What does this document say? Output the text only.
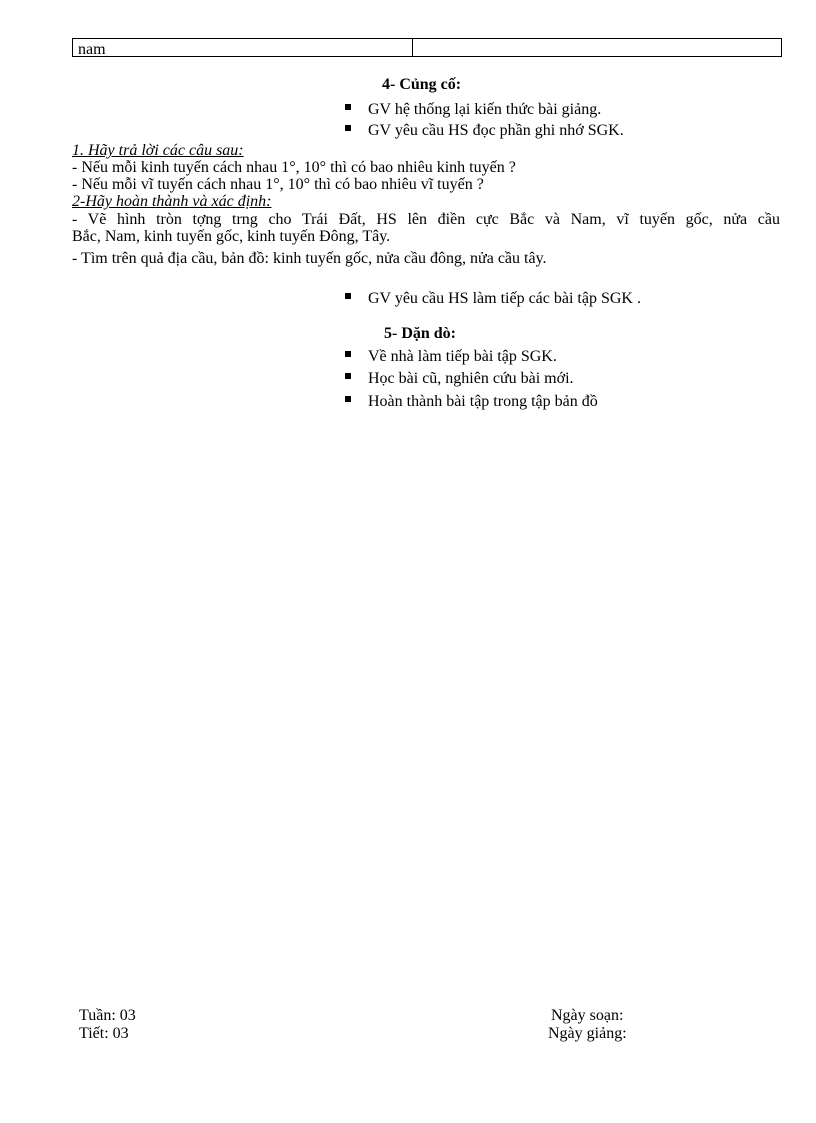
nam
4- Củng cố:
GV hệ thống lại kiến thức bài giảng.
GV yêu cầu HS đọc phần ghi nhớ SGK.
1. Hãy trả lời các câu sau:
- Nếu mỗi kinh tuyến cách nhau 1°, 10° thì có bao nhiêu kinh tuyến ?
- Nếu mỗi vĩ tuyến cách nhau 1°, 10° thì có bao nhiêu vĩ tuyến ?
2-Hãy hoàn thành và xác định:
- Vẽ hình tròn tợng trng cho Trái Đất, HS lên điền cực Bắc và Nam, vĩ tuyến gốc, nửa cầu
Bắc, Nam, kinh tuyến gốc, kinh tuyến Đông, Tây.
- Tìm trên quả địa cầu, bản đồ: kinh tuyến gốc, nửa cầu đông, nửa cầu tây.
GV yêu cầu HS làm tiếp các bài tập SGK .
5- Dặn dò:
Về nhà làm tiếp bài tập SGK.
Học bài cũ, nghiên cứu bài mới.
Hoàn thành bài tập trong tập bản đồ
Tuần: 03
Tiết: 03
Ngày soạn:
Ngày giảng:
